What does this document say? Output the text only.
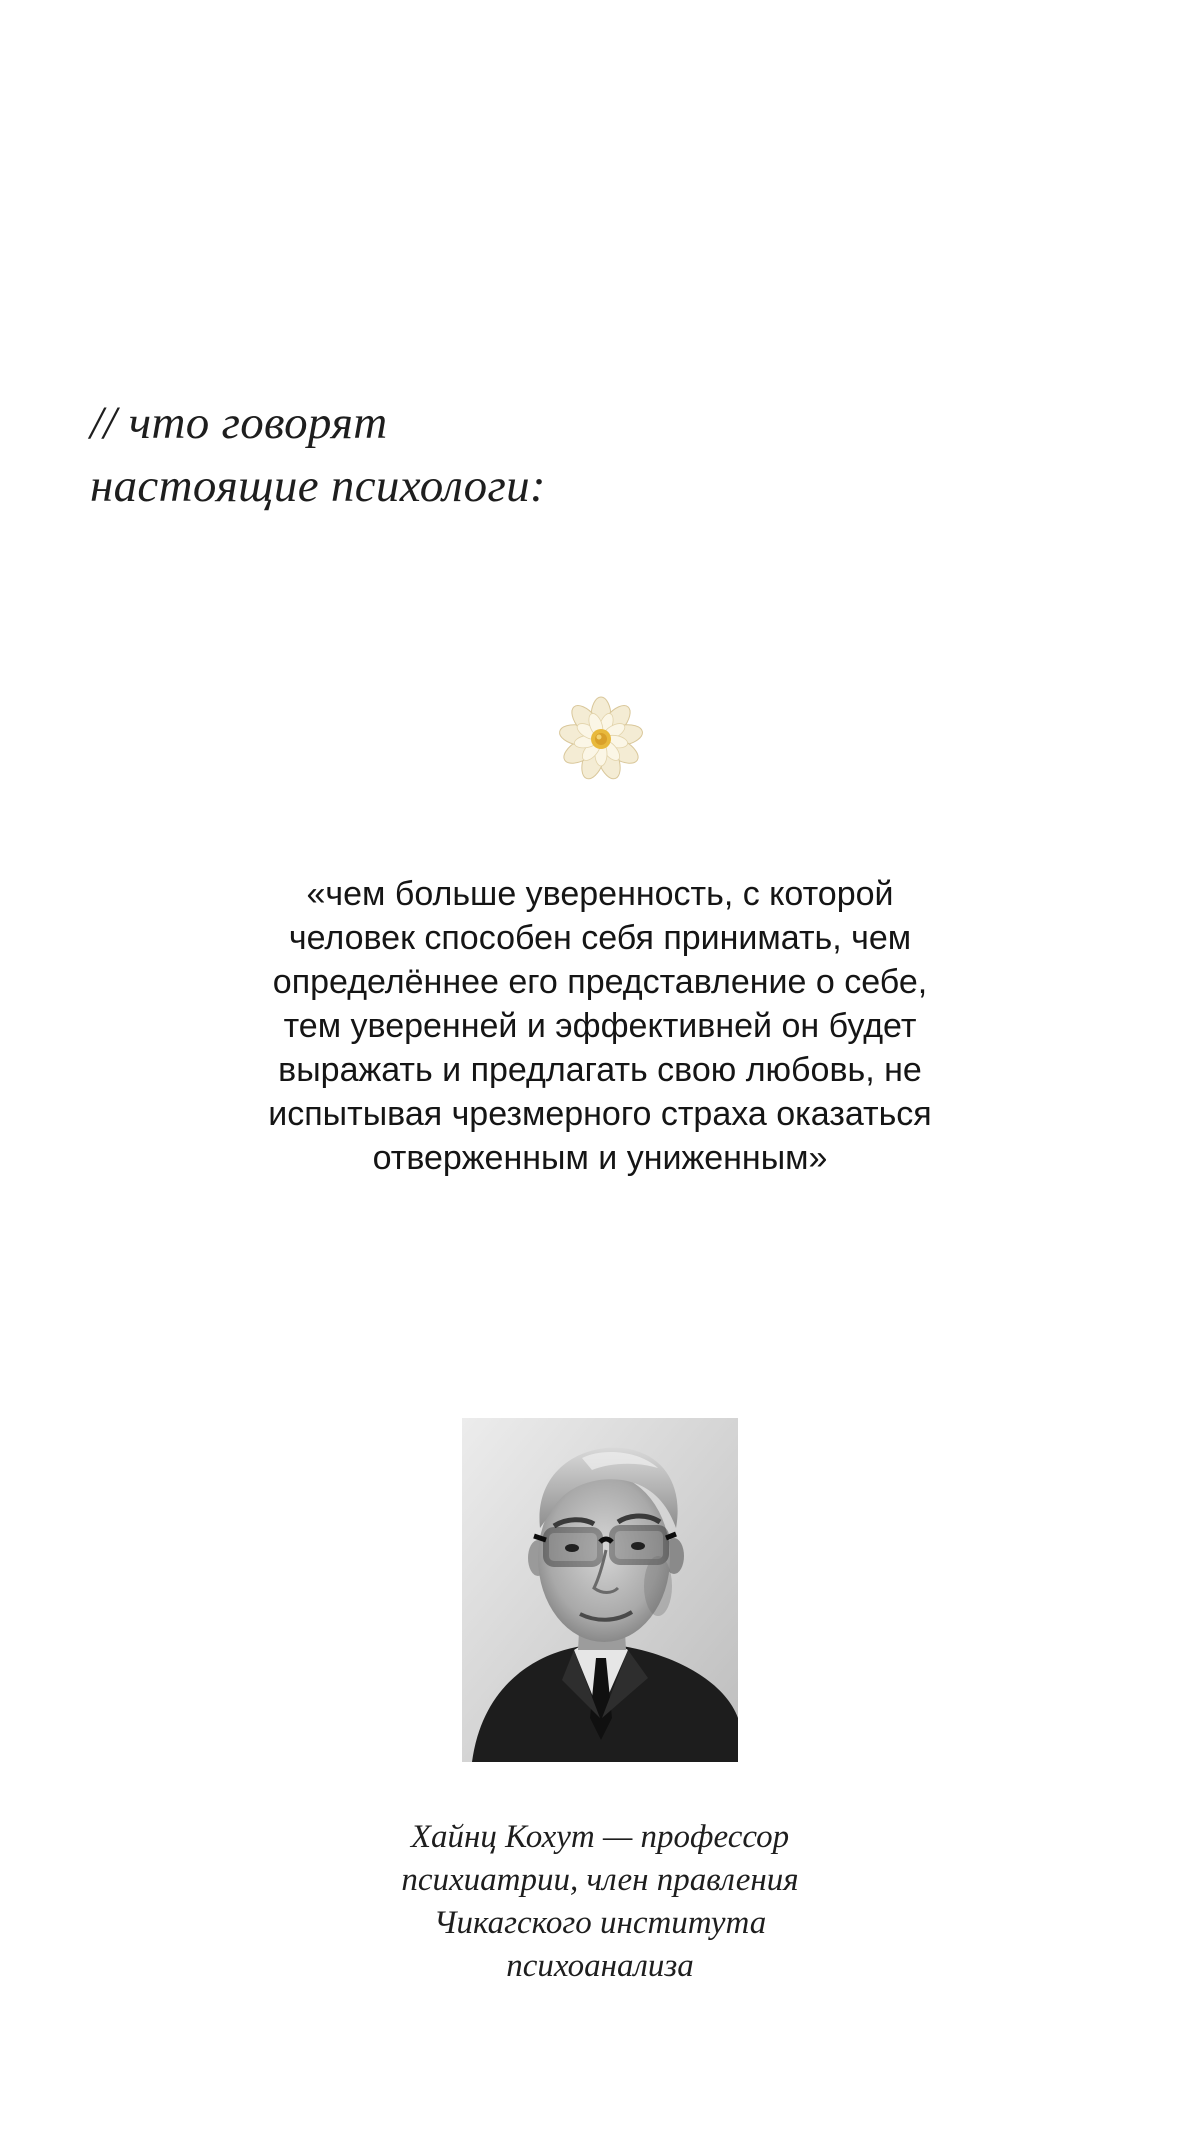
// что говорят
настоящие психологи:
«чем больше уверенность, с которой
человек способен себя принимать, чем
определённее его представление о себе,
тем уверенней и эффективней он будет
выражать и предлагать свою любовь, не
испытывая чрезмерного страха оказаться
отверженным и униженным»
Хайнц Кохут — профессор
психиатрии, член правления
Чикагского института
психоанализа
